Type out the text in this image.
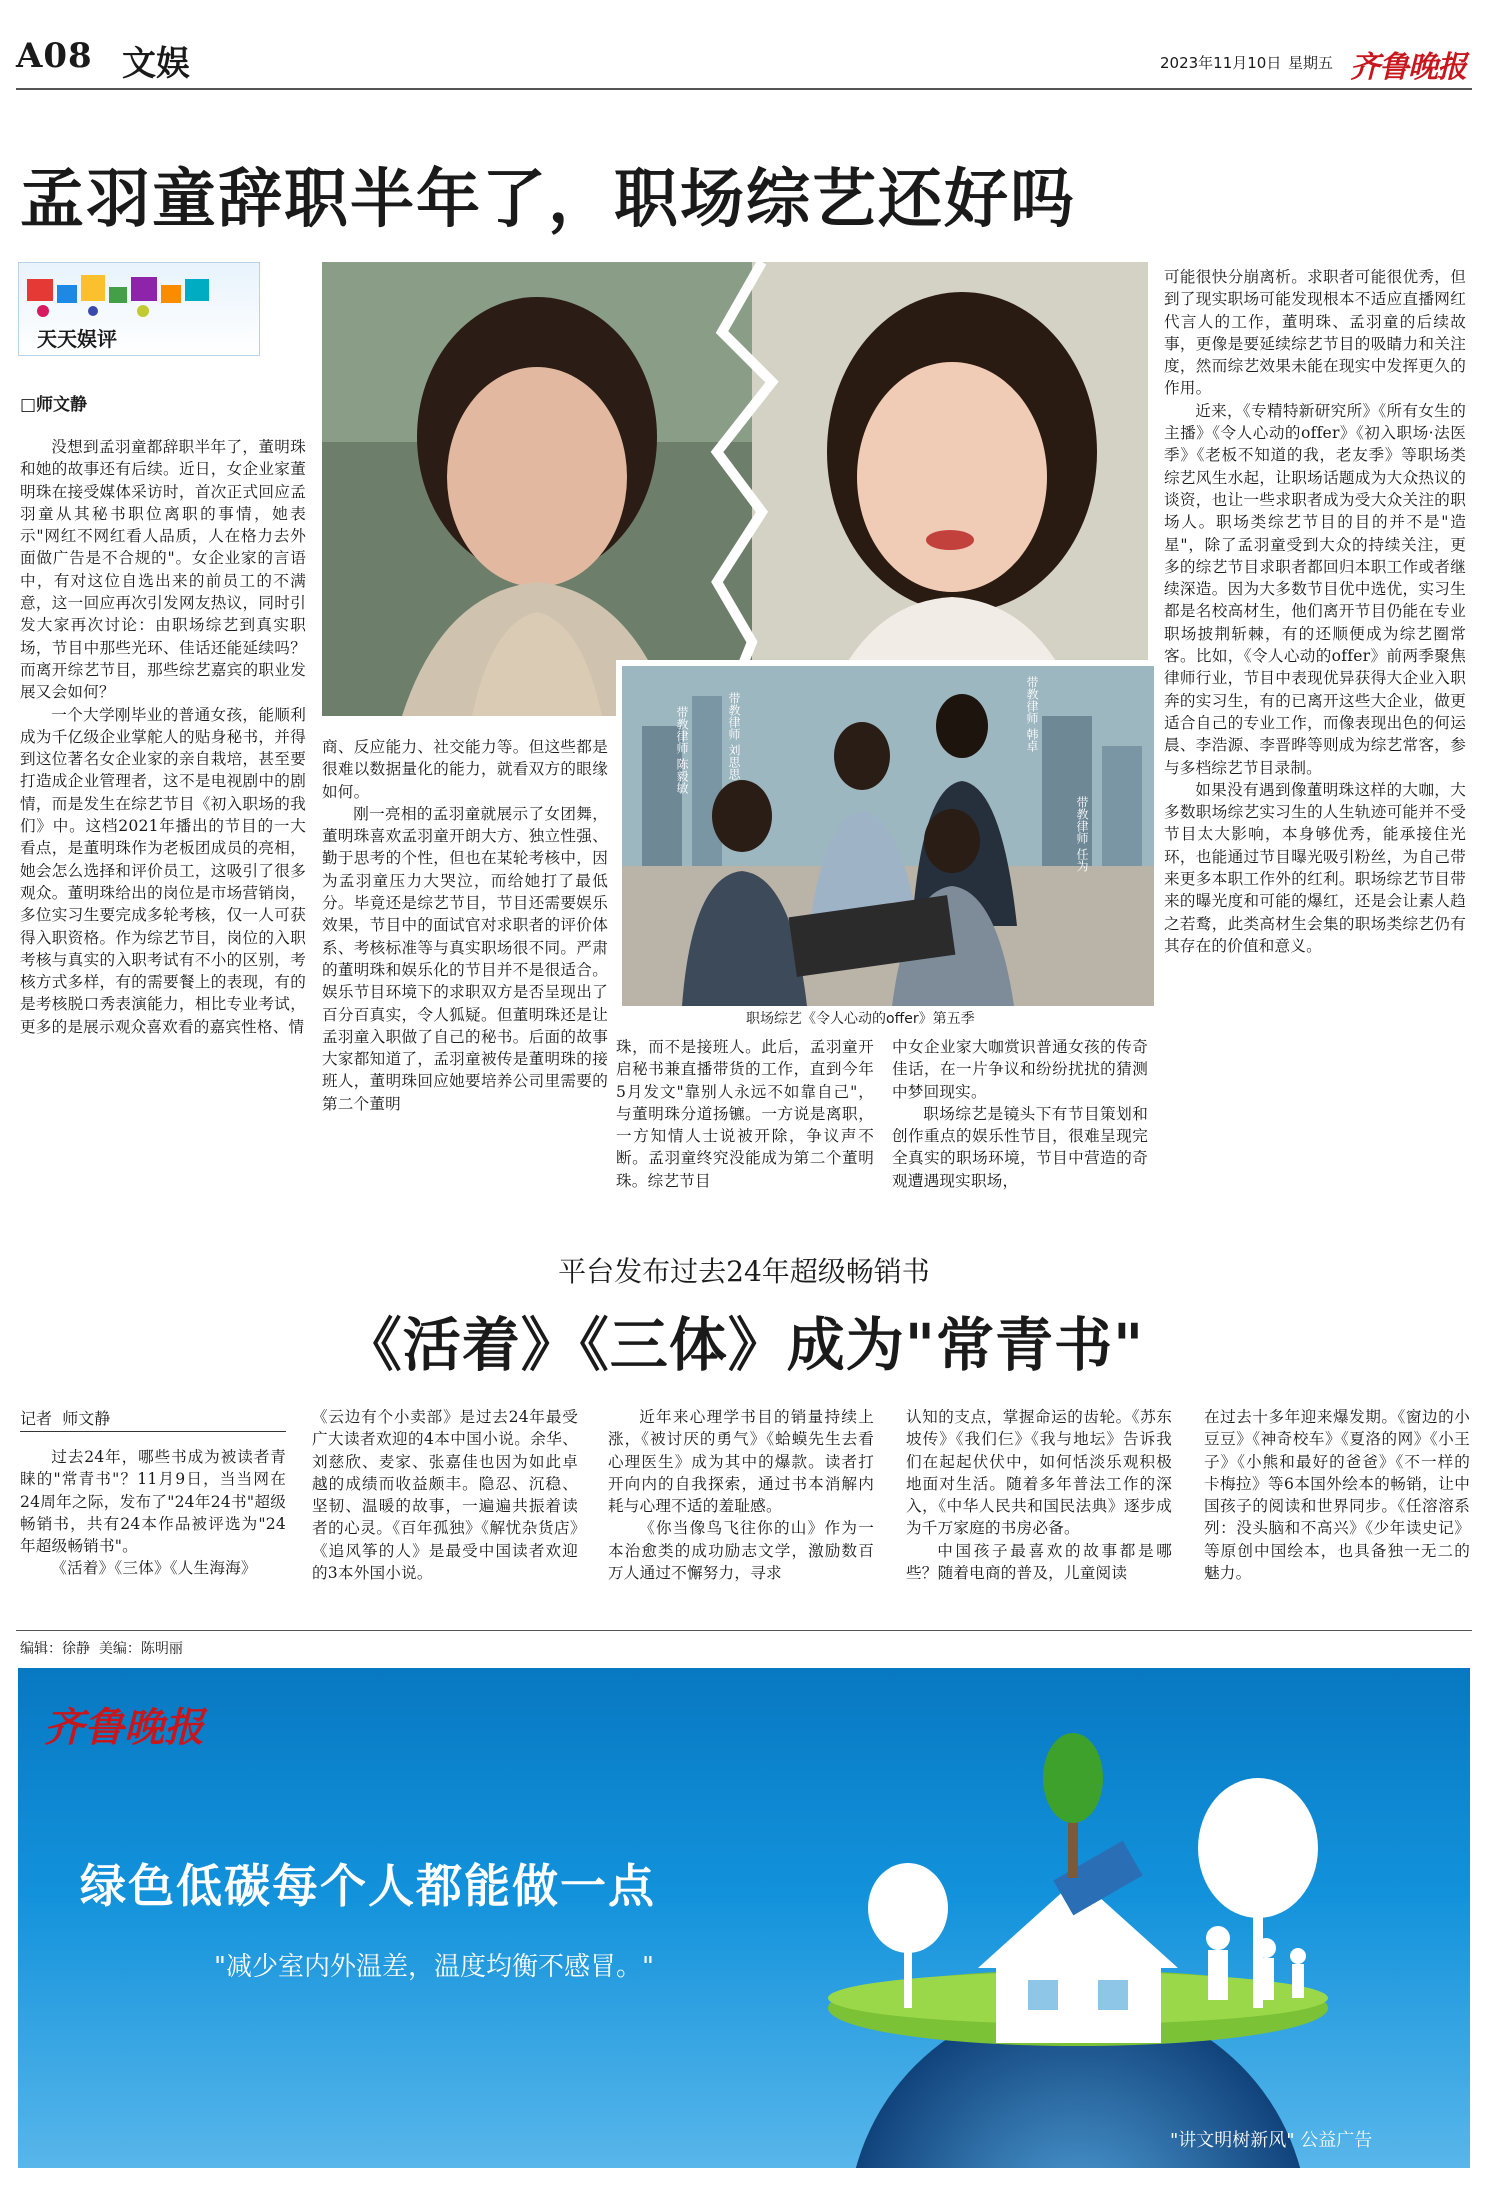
A08 文娱	2023年11月10日 星期五 齐鲁晚报
孟羽童辞职半年了，职场综艺还好吗
天天娱评
□师文静

没想到孟羽童都辞职半年了，董明珠和她的故事还有后续。近日，女企业家董明珠在接受媒体采访时，首次正式回应孟羽童从其秘书职位离职的事情，她表示"网红不网红看人品质，人在格力去外面做广告是不合规的"。女企业家的言语中，有对这位自选出来的前员工的不满意，这一回应再次引发网友热议，同时引发大家再次讨论：由职场综艺到真实职场，节目中那些光环、佳话还能延续吗？而离开综艺节目，那些综艺嘉宾的职业发展又会如何？

一个大学刚毕业的普通女孩，能顺利成为千亿级企业掌舵人的贴身秘书，并得到这位著名女企业家的亲自栽培，甚至要打造成企业管理者，这不是电视剧中的剧情，而是发生在综艺节目《初入职场的我们》中。这档2021年播出的节目的一大看点，是董明珠作为老板团成员的亮相，她会怎么选择和评价员工，这吸引了很多观众。董明珠给出的岗位是市场营销岗，多位实习生要完成多轮考核，仅一人可获得入职资格。作为综艺节目，岗位的入职考核与真实的入职考试有不小的区别，考核方式多样，有的需要餐上的表现，有的是考核脱口秀表演能力，相比专业考试，更多的是展示观众喜欢看的嘉宾性格、情

带教律师 陈毅敏	带教律师 刘思思
带教律师 任为
带教律师 韩卓
职场综艺《令人心动的offer》第五季

商、反应能力、社交能力等。但这些都是很难以数据量化的能力，就看双方的眼缘如何。

刚一亮相的孟羽童就展示了女团舞，董明珠喜欢孟羽童开朗大方、独立性强、勤于思考的个性，但也在某轮考核中，因为孟羽童压力大哭泣，而给她打了最低分。毕竟还是综艺节目，节目还需要娱乐效果，节目中的面试官对求职者的评价体系、考核标准等与真实职场很不同。严肃的董明珠和娱乐化的节目并不是很适合。娱乐节目环境下的求职双方是否呈现出了百分百真实，令人狐疑。但董明珠还是让孟羽童入职做了自己的秘书。后面的故事大家都知道了，孟羽童被传是董明珠的接班人，董明珠回应她要培养公司里需要的第二个董明

珠，而不是接班人。此后，孟羽童开启秘书兼直播带货的工作，直到今年5月发文"靠别人永远不如靠自己"，与董明珠分道扬镳。一方说是离职，一方知情人士说被开除，争议声不断。孟羽童终究没能成为第二个董明珠。综艺节目

中女企业家大咖赏识普通女孩的传奇佳话，在一片争议和纷纷扰扰的猜测中梦回现实。

职场综艺是镜头下有节目策划和创作重点的娱乐性节目，很难呈现完全真实的职场环境，节目中营造的奇观遭遇现实职场，

可能很快分崩离析。求职者可能很优秀，但到了现实职场可能发现根本不适应直播网红代言人的工作，董明珠、孟羽童的后续故事，更像是要延续综艺节目的吸睛力和关注度，然而综艺效果未能在现实中发挥更久的作用。

近来，《专精特新研究所》《所有女生的主播》《令人心动的offer》《初入职场·法医季》《老板不知道的我，老友季》等职场类综艺风生水起，让职场话题成为大众热议的谈资，也让一些求职者成为受大众关注的职场人。职场类综艺节目的目的并不是"造星"，除了孟羽童受到大众的持续关注，更多的综艺节目求职者都回归本职工作或者继续深造。因为大多数节目优中选优，实习生都是名校高材生，他们离开节目仍能在专业职场披荆斩棘，有的还顺便成为综艺圈常客。比如，《令人心动的offer》前两季聚焦律师行业，节目中表现优异获得大企业入职奔的实习生，有的已离开这些大企业，做更适合自己的专业工作，而像表现出色的何运晨、李浩源、李晋晔等则成为综艺常客，参与多档综艺节目录制。

如果没有遇到像董明珠这样的大咖，大多数职场综艺实习生的人生轨迹可能并不受节目太大影响，本身够优秀，能承接住光环，也能通过节目曝光吸引粉丝，为自己带来更多本职工作外的红利。职场综艺节目带来的曝光度和可能的爆红，还是会让素人趋之若鹜，此类高材生会集的职场类综艺仍有其存在的价值和意义。

平台发布过去24年超级畅销书
《活着》《三体》成为"常青书"
记者 师文静

过去24年，哪些书成为被读者青睐的"常青书"？11月9日，当当网在24周年之际，发布了"24年24书"超级畅销书，共有24本作品被评选为"24年超级畅销书"。

《活着》《三体》《人生海海》

《云边有个小卖部》是过去24年最受广大读者欢迎的4本中国小说。余华、刘慈欣、麦家、张嘉佳也因为如此卓越的成绩而收益颇丰。隐忍、沉稳、坚韧、温暖的故事，一遍遍共振着读者的心灵。《百年孤独》《解忧杂货店》《追风筝的人》是最受中国读者欢迎的3本外国小说。

近年来心理学书目的销量持续上涨，《被讨厌的勇气》《蛤蟆先生去看心理医生》成为其中的爆款。读者打开向内的自我探索，通过书本消解内耗与心理不适的羞耻感。

《你当像鸟飞往你的山》作为一本治愈类的成功励志文学，激励数百万人通过不懈努力，寻求

认知的支点，掌握命运的齿轮。《苏东坡传》《我们仨》《我与地坛》告诉我们在起起伏伏中，如何恬淡乐观积极地面对生活。随着多年普法工作的深入，《中华人民共和国民法典》逐步成为千万家庭的书房必备。

中国孩子最喜欢的故事都是哪些？随着电商的普及，儿童阅读

在过去十多年迎来爆发期。《窗边的小豆豆》《神奇校车》《夏洛的网》《小王子》《小熊和最好的爸爸》《不一样的卡梅拉》等6本国外绘本的畅销，让中国孩子的阅读和世界同步。《任溶溶系列：没头脑和不高兴》《少年读史记》等原创中国绘本，也具备独一无二的魅力。

编辑：徐静  美编：陈明丽
齐鲁晚报
绿色低碳每个人都能做一点
"减少室内外温差，温度均衡不感冒。"
"讲文明树新风" 公益广告
